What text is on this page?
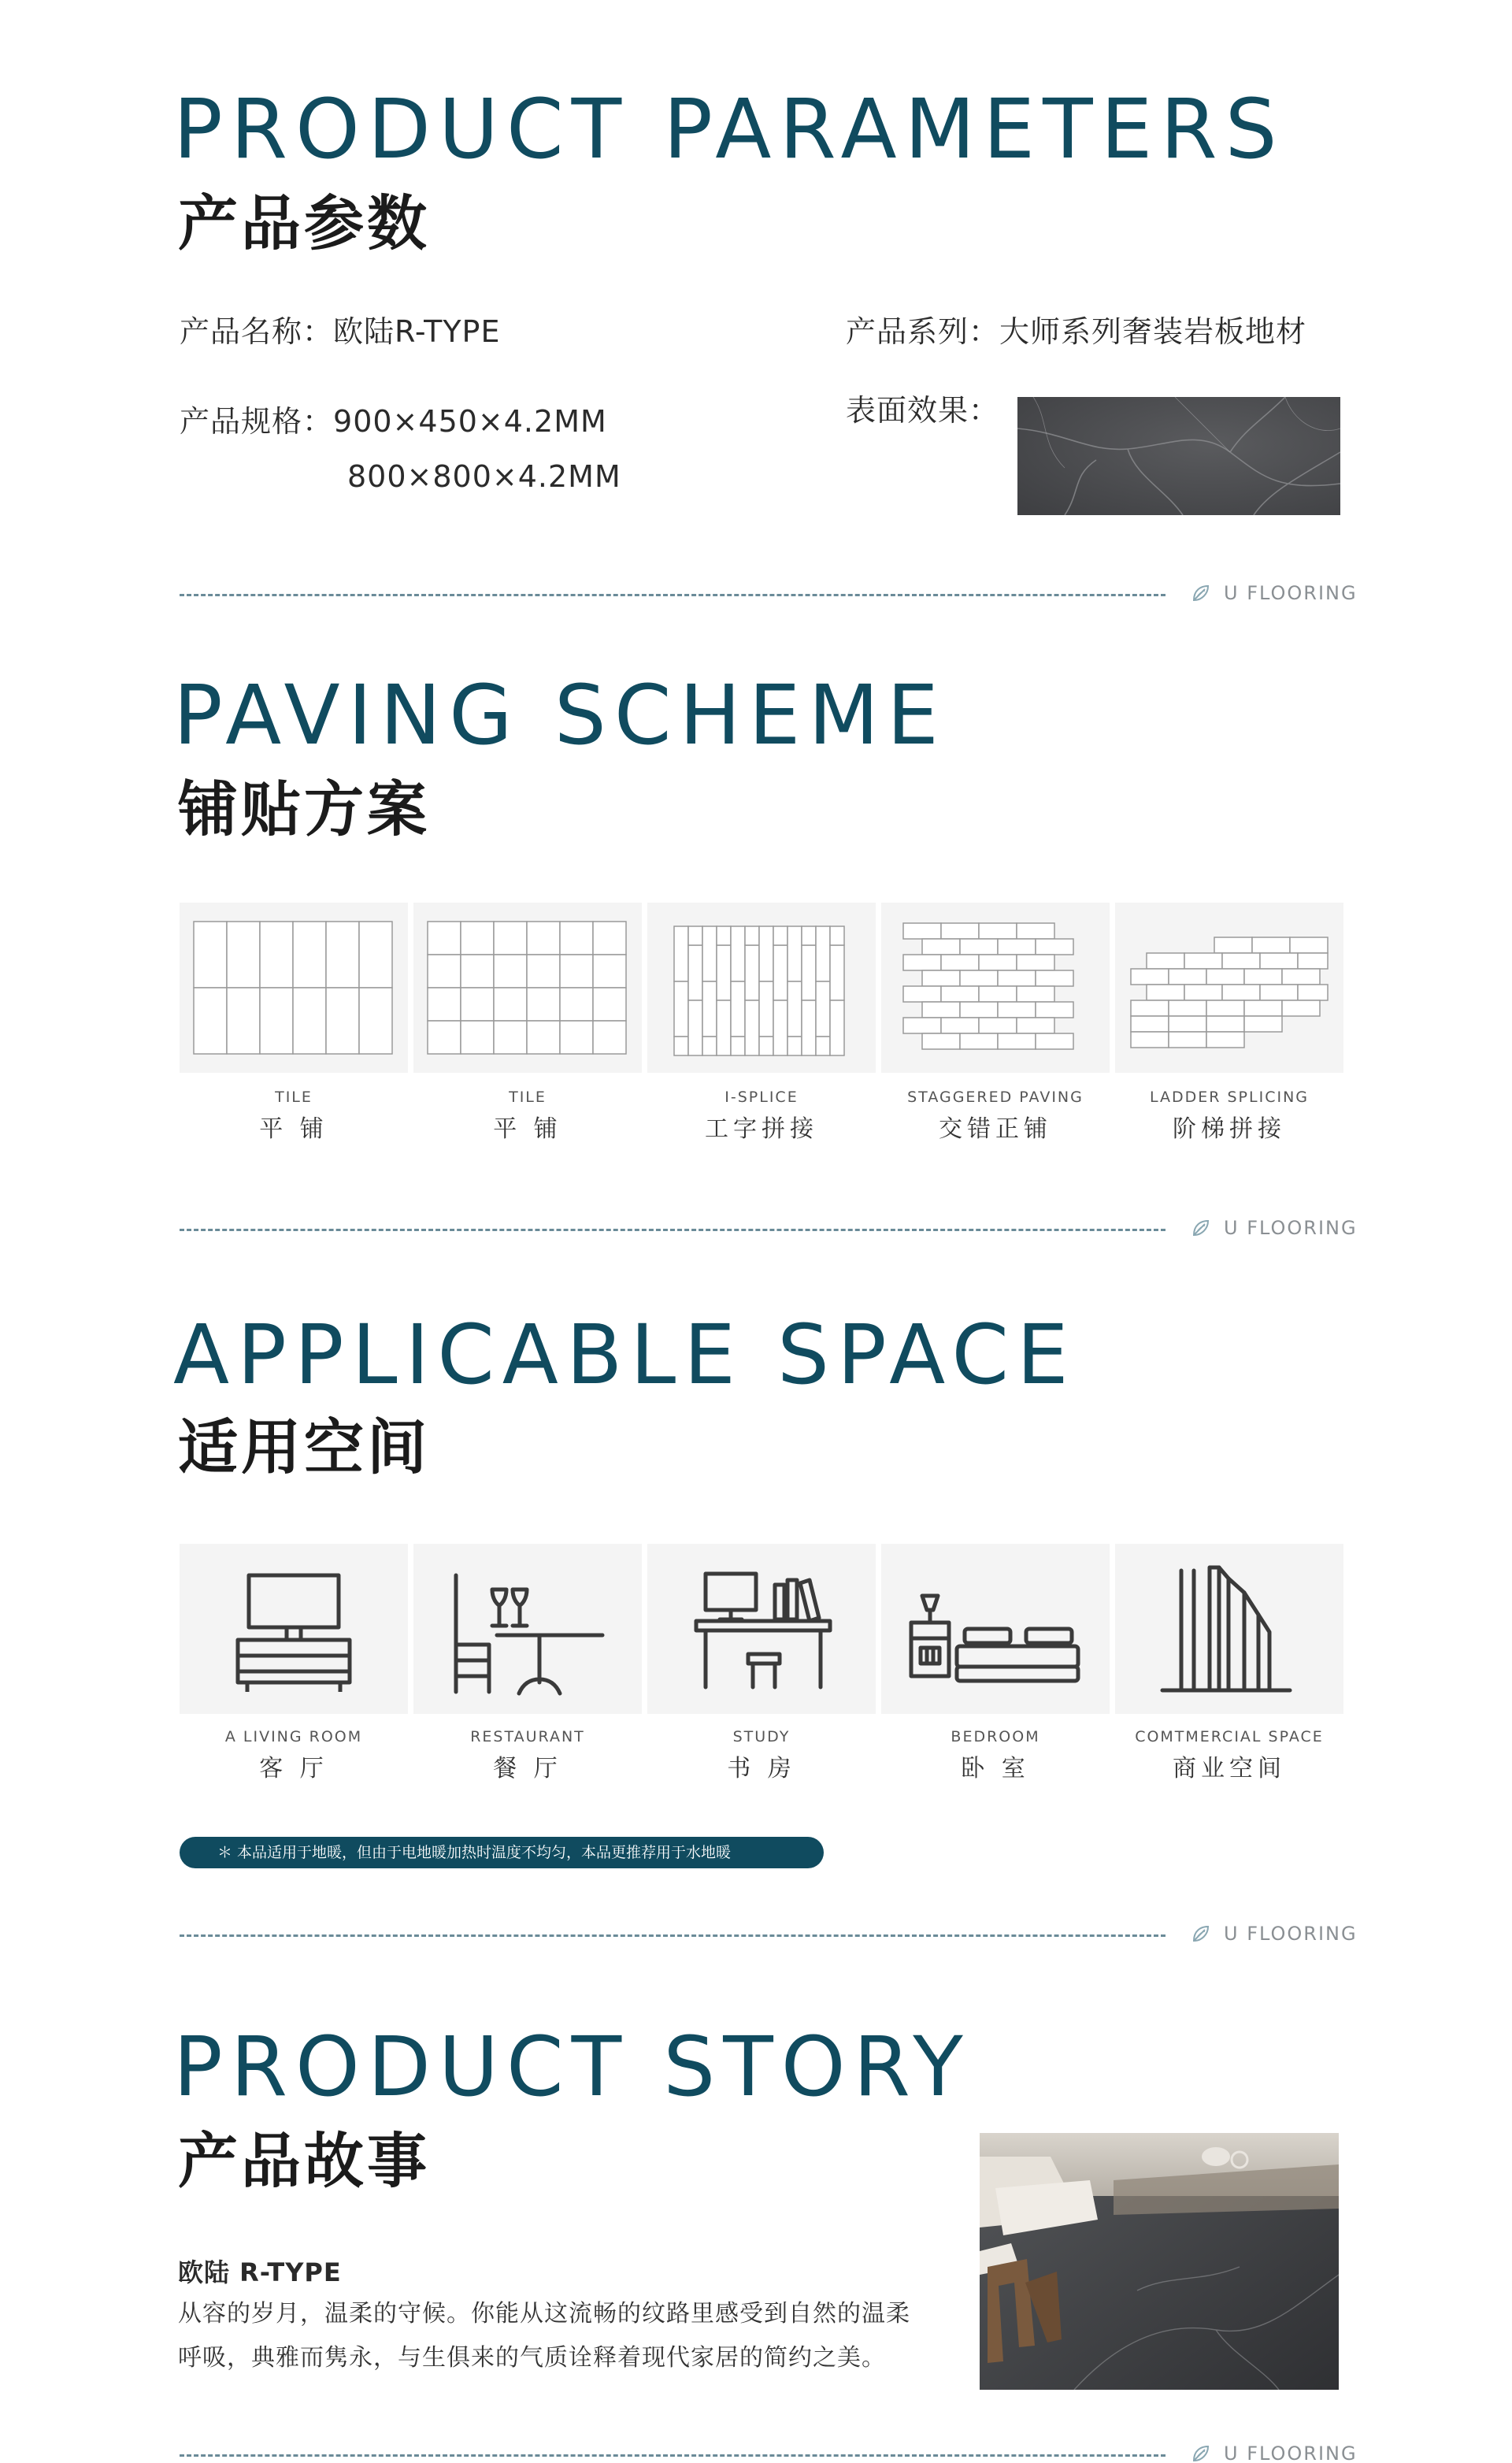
PRODUCT PARAMETERS
产品参数
产品名称：欧陆R-TYPE	产品系列：大师系列奢装岩板地材
产品规格：900×450×4.2MM
800×800×4.2MM
表面效果：
U FLOORING
PAVING SCHEME
铺贴方案
TILE
平 铺
TILE
平 铺
I-SPLICE
工字拼接
STAGGERED PAVING
交错正铺
LADDER SPLICING
阶梯拼接
U FLOORING
APPLICABLE SPACE
适用空间
A LIVING ROOM
客 厅
RESTAURANT
餐 厅
STUDY
书 房
BEDROOM
卧 室
COMTMERCIAL SPACE
商业空间
＊ 本品适用于地暖，但由于电地暖加热时温度不均匀，本品更推荐用于水地暖
U FLOORING
PRODUCT STORY
产品故事
欧陆 R-TYPE
从容的岁月，温柔的守候。你能从这流畅的纹路里感受到自然的温柔
呼吸，典雅而隽永，与生俱来的气质诠释着现代家居的简约之美。
U FLOORING
